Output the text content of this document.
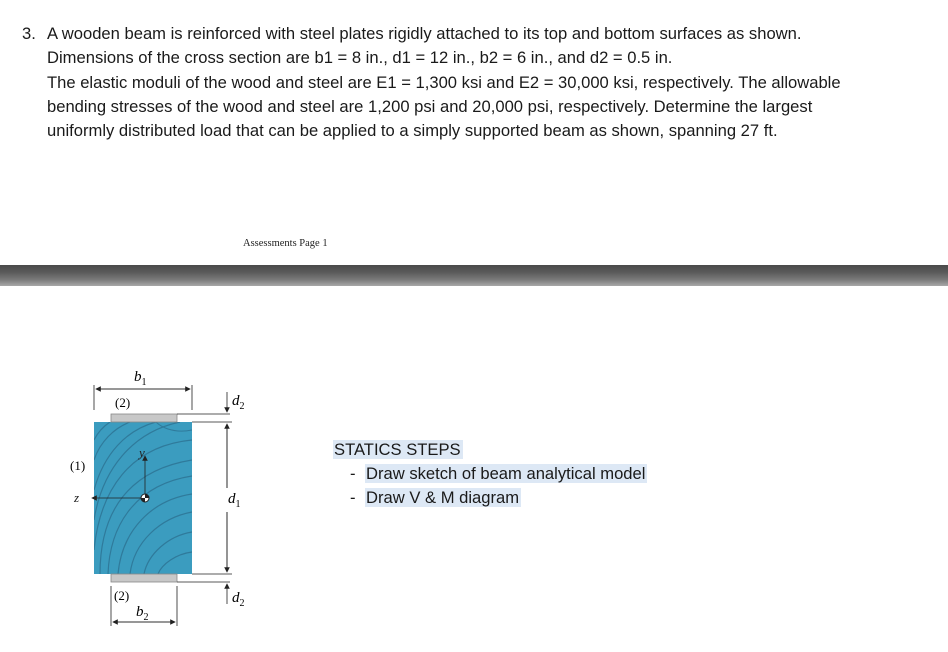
3. A wooden beam is reinforced with steel plates rigidly attached to its top and bottom surfaces as shown.
Dimensions of the cross section are b1 = 8 in., d1 = 12 in., b2 = 6 in., and d2 = 0.5 in.
The elastic moduli of the wood and steel are E1 = 1,300 ksi and E2 = 30,000 ksi, respectively. The allowable
bending stresses of the wood and steel are 1,200 psi and 20,000 psi, respectively. Determine the largest
uniformly distributed load that can be applied to a simply supported beam as shown, spanning 27 ft.
Assessments Page 1
$b_1$
(2)	$d_2$
$d_1$
$d_2$
(2)
$b_2$
(1)
y
z
STATICS STEPS

- Draw sketch of beam analytical model
- Draw V & M diagram
